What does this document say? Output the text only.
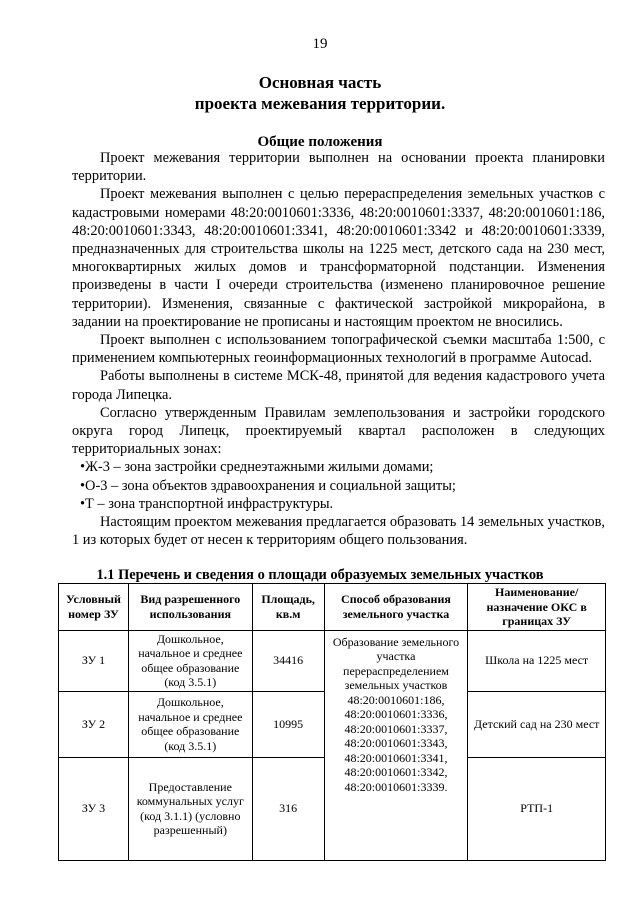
19
Основная часть
проекта межевания территории.
Общие положения

Проект межевания территории выполнен на основании проекта планировки территории.

Проект межевания выполнен с целью перераспределения земельных участков с кадастровыми номерами 48:20:0010601:3336, 48:20:0010601:3337, 48:20:0010601:186, 48:20:0010601:3343, 48:20:0010601:3341, 48:20:0010601:3342 и 48:20:0010601:3339, предназначенных для строительства школы на 1225 мест, детского сада на 230 мест, многоквартирных жилых домов и трансформаторной подстанции. Изменения произведены в части I очереди строительства (изменено планировочное решение территории). Изменения, связанные с фактической застройкой микрорайона, в задании на проектирование не прописаны и настоящим проектом не вносились.

Проект выполнен с использованием топографической съемки масштаба 1:500, с применением компьютерных геоинформационных технологий в программе Autocad.

Работы выполнены в системе МСК-48, принятой для ведения кадастрового учета города Липецка.

Согласно утвержденным Правилам землепользования и застройки городского округа город Липецк, проектируемый квартал расположен в следующих территориальных зонах:

•Ж-3 – зона застройки среднеэтажными жилыми домами;
•О-3 – зона объектов здравоохранения и социальной защиты;
•Т – зона транспортной инфраструктуры.

Настоящим проектом межевания предлагается образовать 14 земельных участков, 1 из которых будет от несен к территориям общего пользования.

1.1 Перечень и сведения о площади образуемых земельных участков
Условный номер ЗУ	Вид разрешенного использования	Площадь, кв.м	Способ образования земельного участка	Наименование/ назначение ОКС в границах ЗУ
ЗУ 1	Дошкольное, начальное и среднее общее образование (код 3.5.1)	34416	Образование земельного участка перераспределением земельных участков 48:20:0010601:186, 48:20:0010601:3336, 48:20:0010601:3337, 48:20:0010601:3343, 48:20:0010601:3341, 48:20:0010601:3342, 48:20:0010601:3339.	Школа на 1225 мест
ЗУ 2	Дошкольное, начальное и среднее общее образование (код 3.5.1)	10995		Детский сад на 230 мест
ЗУ 3	Предоставление коммунальных услуг (код 3.1.1) (условно разрешенный)	316		РТП-1
